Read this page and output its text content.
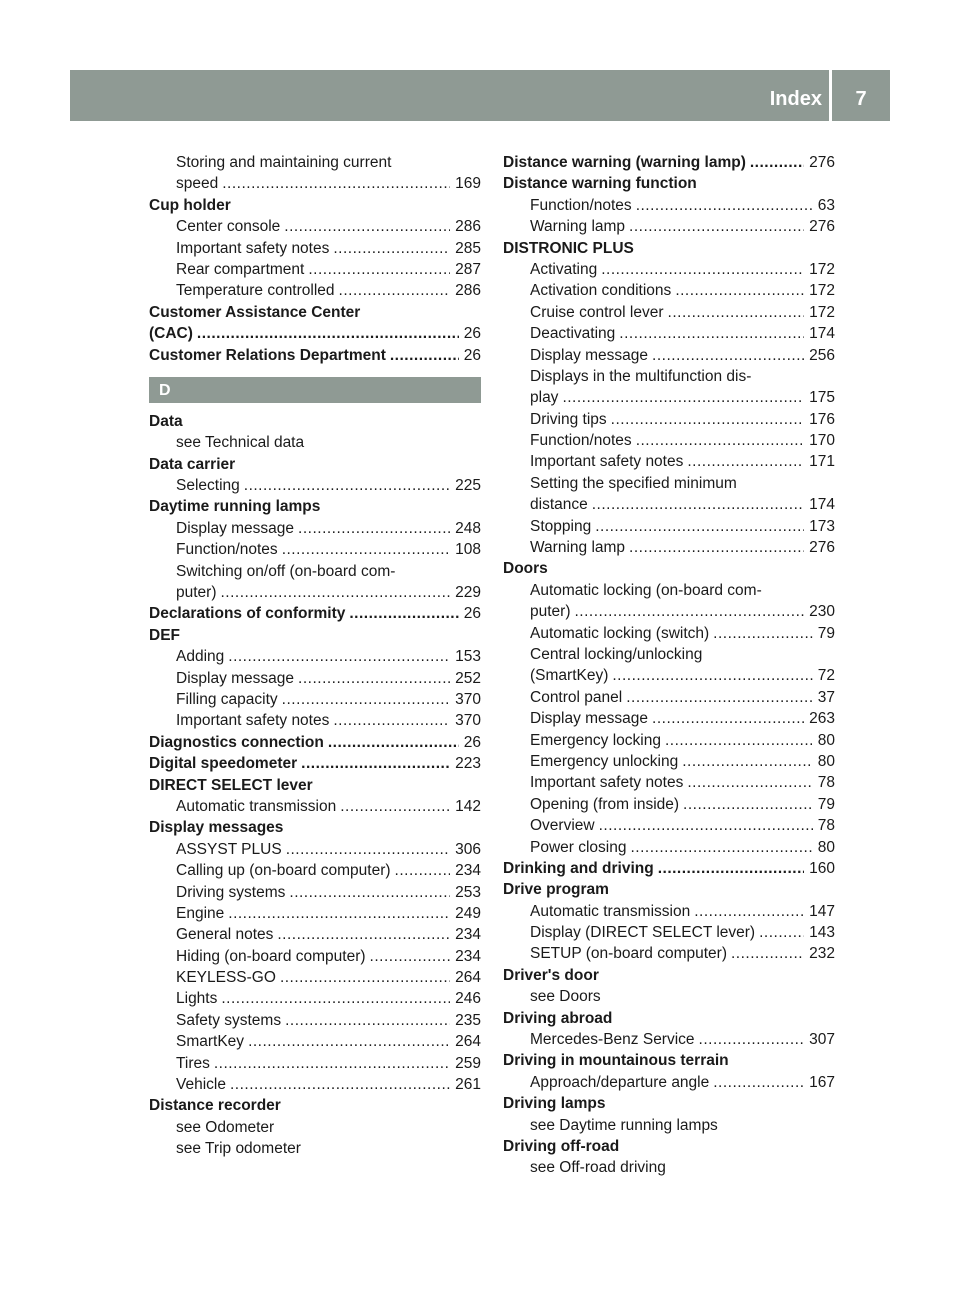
Index	7
Storing and maintaining current
speed .....	169
Cup holder
Center console .....	286
Important safety notes .....	285
Rear compartment .....	287
Temperature controlled .....	286
Customer Assistance Center
(CAC) .....	26
Customer Relations Department .....	26
D
Data
see Technical data
Data carrier
Selecting .....	225
Daytime running lamps
Display message .....	248
Function/notes .....	108
Switching on/off (on-board com-
puter) .....	229
Declarations of conformity .....	26
DEF
Adding .....	153
Display message .....	252
Filling capacity .....	370
Important safety notes .....	370
Diagnostics connection .....	26
Digital speedometer .....	223
DIRECT SELECT lever
Automatic transmission .....	142
Display messages
ASSYST PLUS .....	306
Calling up (on-board computer) .....	234
Driving systems .....	253
Engine .....	249
General notes .....	234
Hiding (on-board computer) .....	234
KEYLESS-GO .....	264
Lights .....	246
Safety systems .....	235
SmartKey .....	264
Tires .....	259
Vehicle .....	261
Distance recorder
see Odometer
see Trip odometer
Distance warning (warning lamp) .....	276
Distance warning function
Function/notes .....	63
Warning lamp .....	276
DISTRONIC PLUS
Activating .....	172
Activation conditions .....	172
Cruise control lever .....	172
Deactivating .....	174
Display message .....	256
Displays in the multifunction dis-
play .....	175
Driving tips .....	176
Function/notes .....	170
Important safety notes .....	171
Setting the specified minimum
distance .....	174
Stopping .....	173
Warning lamp .....	276
Doors
Automatic locking (on-board com-
puter) .....	230
Automatic locking (switch) .....	79
Central locking/unlocking
(SmartKey) .....	72
Control panel .....	37
Display message .....	263
Emergency locking .....	80
Emergency unlocking .....	80
Important safety notes .....	78
Opening (from inside) .....	79
Overview .....	78
Power closing .....	80
Drinking and driving .....	160
Drive program
Automatic transmission .....	147
Display (DIRECT SELECT lever) .....	143
SETUP (on-board computer) .....	232
Driver's door
see Doors
Driving abroad
Mercedes-Benz Service .....	307
Driving in mountainous terrain
Approach/departure angle .....	167
Driving lamps
see Daytime running lamps
Driving off-road
see Off-road driving
